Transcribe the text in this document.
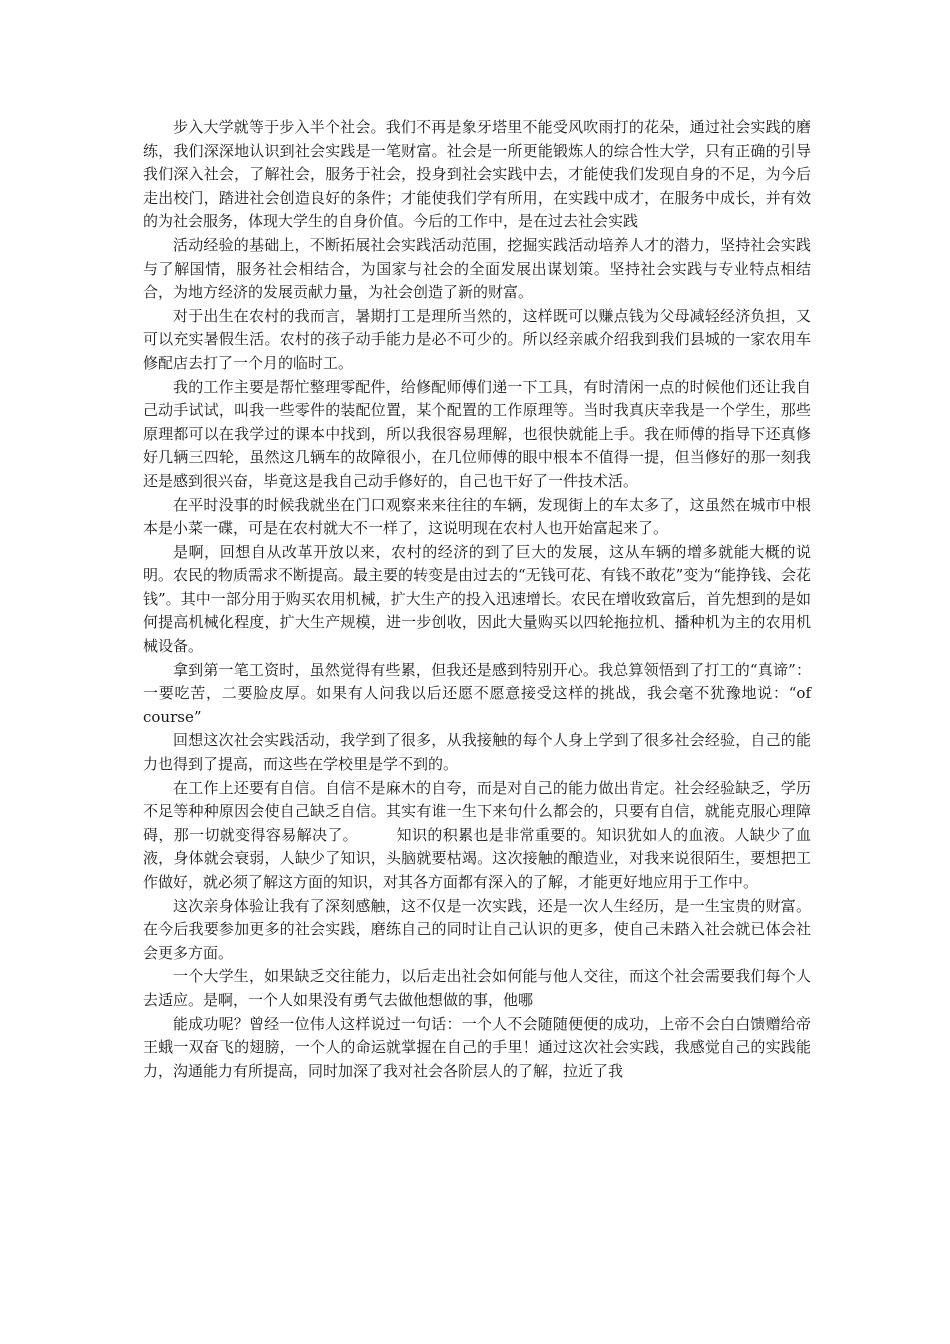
步入大学就等于步入半个社会。我们不再是象牙塔里不能受风吹雨打的花朵，通过社会实践的磨练，我们深深地认识到社会实践是一笔财富。社会是一所更能锻炼人的综合性大学，只有正确的引导我们深入社会，了解社会，服务于社会，投身到社会实践中去，才能使我们发现自身的不足，为今后走出校门，踏进社会创造良好的条件；才能使我们学有所用，在实践中成才，在服务中成长，并有效的为社会服务，体现大学生的自身价值。今后的工作中，是在过去社会实践

活动经验的基础上，不断拓展社会实践活动范围，挖掘实践活动培养人才的潜力，坚持社会实践与了解国情，服务社会相结合，为国家与社会的全面发展出谋划策。坚持社会实践与专业特点相结合，为地方经济的发展贡献力量，为社会创造了新的财富。

对于出生在农村的我而言，暑期打工是理所当然的，这样既可以赚点钱为父母减轻经济负担，又可以充实暑假生活。农村的孩子动手能力是必不可少的。所以经亲戚介绍我到我们县城的一家农用车修配店去打了一个月的临时工。

我的工作主要是帮忙整理零配件，给修配师傅们递一下工具，有时清闲一点的时候他们还让我自己动手试试，叫我一些零件的装配位置，某个配置的工作原理等。当时我真庆幸我是一个学生，那些原理都可以在我学过的课本中找到，所以我很容易理解，也很快就能上手。我在师傅的指导下还真修好几辆三四轮，虽然这几辆车的故障很小，在几位师傅的眼中根本不值得一提，但当修好的那一刻我还是感到很兴奋，毕竟这是我自己动手修好的，自己也干好了一件技术活。

在平时没事的时候我就坐在门口观察来来往往的车辆，发现街上的车太多了，这虽然在城市中根本是小菜一碟，可是在农村就大不一样了，这说明现在农村人也开始富起来了。

是啊，回想自从改革开放以来，农村的经济的到了巨大的发展，这从车辆的增多就能大概的说明。农民的物质需求不断提高。最主要的转变是由过去的“无钱可花、有钱不敢花”变为“能挣钱、会花钱”。其中一部分用于购买农用机械，扩大生产的投入迅速增长。农民在增收致富后，首先想到的是如何提高机械化程度，扩大生产规模，进一步创收，因此大量购买以四轮拖拉机、播种机为主的农用机械设备。

拿到第一笔工资时，虽然觉得有些累，但我还是感到特别开心。我总算领悟到了打工的“真谛”：一要吃苦，二要脸皮厚。如果有人问我以后还愿不愿意接受这样的挑战，我会毫不犹豫地说：“of　course”

回想这次社会实践活动，我学到了很多，从我接触的每个人身上学到了很多社会经验，自己的能力也得到了提高，而这些在学校里是学不到的。

在工作上还要有自信。自信不是麻木的自夸，而是对自己的能力做出肯定。社会经验缺乏，学历不足等种种原因会使自己缺乏自信。其实有谁一生下来句什么都会的，只要有自信，就能克服心理障碍，那一切就变得容易解决了。　　　知识的积累也是非常重要的。知识犹如人的血液。人缺少了血液，身体就会衰弱，人缺少了知识，头脑就要枯竭。这次接触的酿造业，对我来说很陌生，要想把工作做好，就必须了解这方面的知识，对其各方面都有深入的了解，才能更好地应用于工作中。

这次亲身体验让我有了深刻感触，这不仅是一次实践，还是一次人生经历，是一生宝贵的财富。在今后我要参加更多的社会实践，磨练自己的同时让自己认识的更多，使自己未踏入社会就已体会社会更多方面。

一个大学生，如果缺乏交往能力，以后走出社会如何能与他人交往，而这个社会需要我们每个人去适应。是啊，一个人如果没有勇气去做他想做的事，他哪

能成功呢？曾经一位伟人这样说过一句话：一个人不会随随便便的成功，上帝不会白白馈赠给帝王蛾一双奋飞的翅膀，一个人的命运就掌握在自己的手里！通过这次社会实践，我感觉自己的实践能力，沟通能力有所提高，同时加深了我对社会各阶层人的了解，拉近了我
